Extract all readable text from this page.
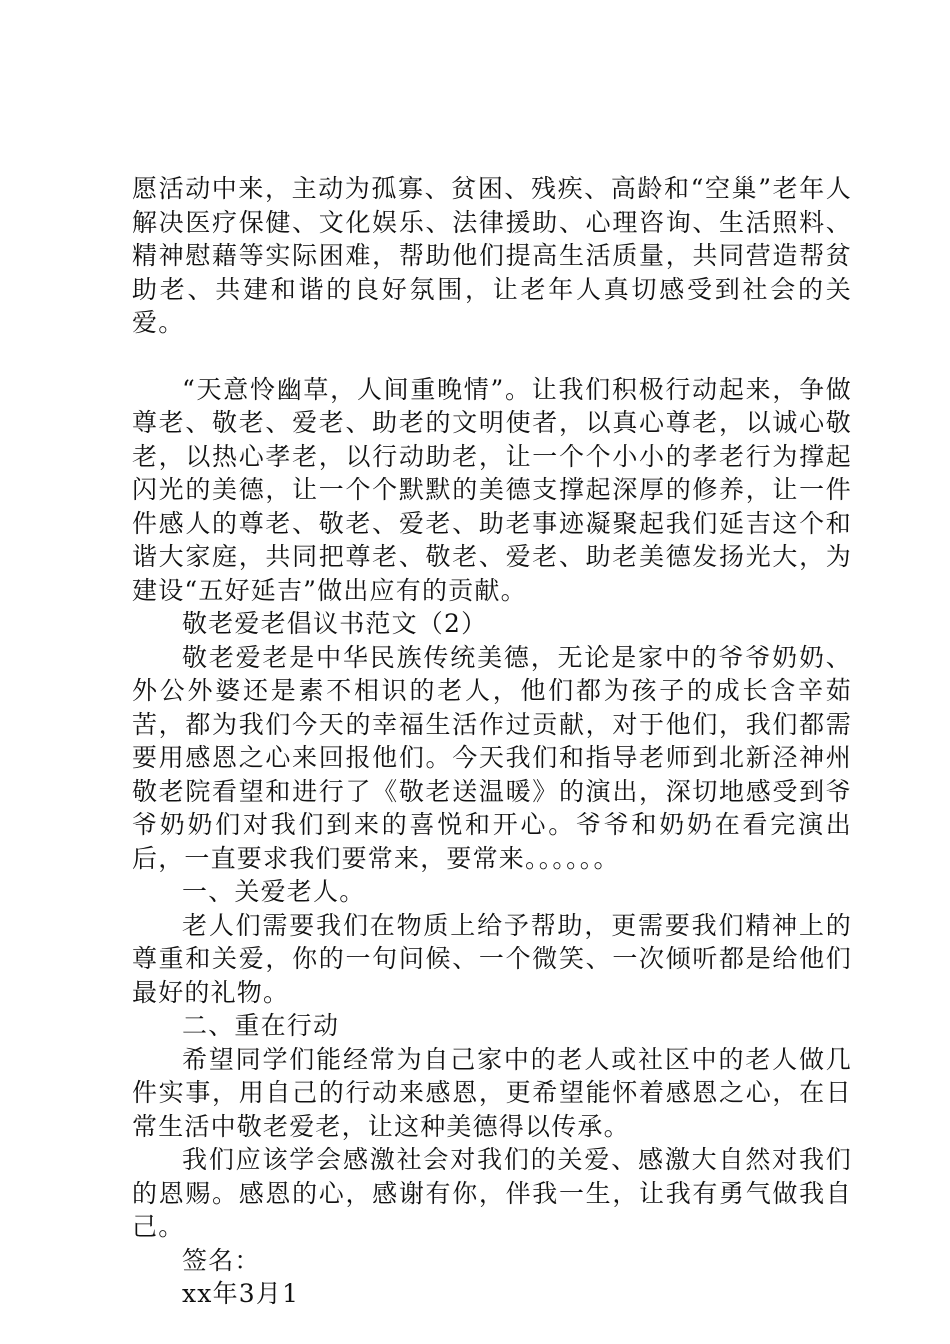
愿活动中来，主动为孤寡、贫困、残疾、高龄和“空巢”老年人解决医疗保健、文化娱乐、法律援助、心理咨询、生活照料、精神慰藉等实际困难，帮助他们提高生活质量，共同营造帮贫助老、共建和谐的良好氛围，让老年人真切感受到社会的关爱。

“天意怜幽草，人间重晚情”。让我们积极行动起来，争做尊老、敬老、爱老、助老的文明使者，以真心尊老，以诚心敬老，以热心孝老，以行动助老，让一个个小小的孝老行为撑起闪光的美德，让一个个默默的美德支撑起深厚的修养，让一件件感人的尊老、敬老、爱老、助老事迹凝聚起我们延吉这个和谐大家庭，共同把尊老、敬老、爱老、助老美德发扬光大，为建设“五好延吉”做出应有的贡献。

敬老爱老倡议书范文（2）

敬老爱老是中华民族传统美德，无论是家中的爷爷奶奶、外公外婆还是素不相识的老人，他们都为孩子的成长含辛茹苦，都为我们今天的幸福生活作过贡献，对于他们，我们都需要用感恩之心来回报他们。今天我们和指导老师到北新泾神州敬老院看望和进行了《敬老送温暖》的演出，深切地感受到爷爷奶奶们对我们到来的喜悦和开心。爷爷和奶奶在看完演出后，一直要求我们要常来，要常来。。。。。。

一、关爱老人。

老人们需要我们在物质上给予帮助，更需要我们精神上的尊重和关爱，你的一句问候、一个微笑、一次倾听都是给他们最好的礼物。

二、重在行动

希望同学们能经常为自己家中的老人或社区中的老人做几件实事，用自己的行动来感恩，更希望能怀着感恩之心，在日常生活中敬老爱老，让这种美德得以传承。

我们应该学会感激社会对我们的关爱、感激大自然对我们的恩赐。感恩的心，感谢有你，伴我一生，让我有勇气做我自己。

签名：

xx年3月1
